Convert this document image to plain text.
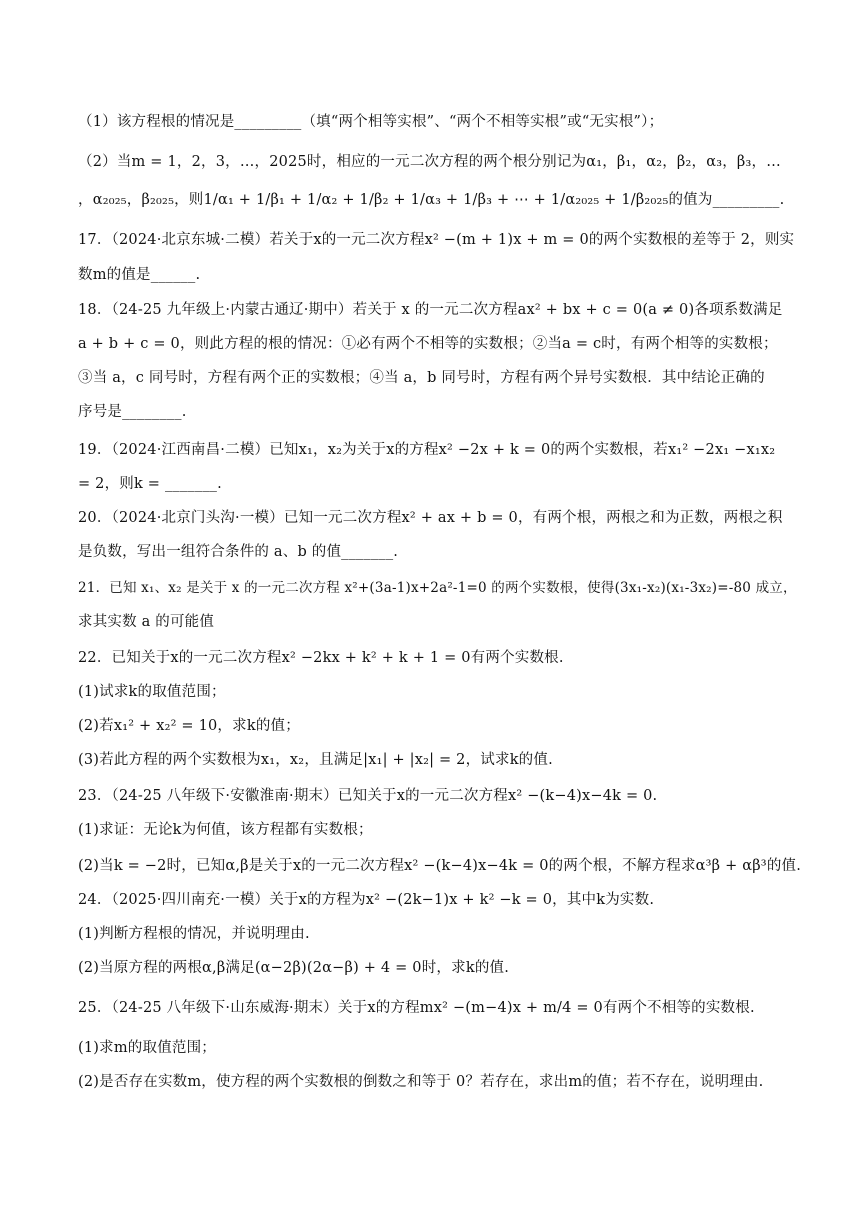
（1）该方程根的情况是_________（填“两个相等实根”、“两个不相等实根”或“无实根”）；
（2）当m = 1，2，3，…，2025时，相应的一元二次方程的两个根分别记为α₁，β₁，α₂，β₂，α₃，β₃，…
，α₂₀₂₅，β₂₀₂₅，则1/α₁ + 1/β₁ + 1/α₂ + 1/β₂ + 1/α₃ + 1/β₃ + ⋯ + 1/α₂₀₂₅ + 1/β₂₀₂₅的值为_________.
17．（2024·北京东城·二模）若关于x的一元二次方程x² −(m + 1)x + m = 0的两个实数根的差等于 2，则实
数m的值是______.
18．（24-25 九年级上·内蒙古通辽·期中）若关于 x 的一元二次方程ax² + bx + c = 0(a ≠ 0)各项系数满足
a + b + c = 0，则此方程的根的情况：①必有两个不相等的实数根；②当a = c时，有两个相等的实数根；
③当 a，c 同号时，方程有两个正的实数根；④当 a，b 同号时，方程有两个异号实数根．其中结论正确的
序号是________.
19．（2024·江西南昌·二模）已知x₁，x₂为关于x的方程x² −2x + k = 0的两个实数根，若x₁² −2x₁ −x₁x₂
= 2，则k = _______.
20．（2024·北京门头沟·一模）已知一元二次方程x² + ax + b = 0，有两个根，两根之和为正数，两根之积
是负数，写出一组符合条件的 a、b 的值_______.
21．已知 x₁、x₂ 是关于 x 的一元二次方程 x²+(3a-1)x+2a²-1=0 的两个实数根，使得(3x₁-x₂)(x₁-3x₂)=-80 成立，
求其实数 a 的可能值
22．已知关于x的一元二次方程x² −2kx + k² + k + 1 = 0有两个实数根.
(1)试求k的取值范围；
(2)若x₁² + x₂² = 10，求k的值；
(3)若此方程的两个实数根为x₁，x₂，且满足|x₁| + |x₂| = 2，试求k的值.
23．（24-25 八年级下·安徽淮南·期末）已知关于x的一元二次方程x² −(k−4)x−4k = 0.
(1)求证：无论k为何值，该方程都有实数根；
(2)当k = −2时，已知α,β是关于x的一元二次方程x² −(k−4)x−4k = 0的两个根，不解方程求α³β + αβ³的值.
24．（2025·四川南充·一模）关于x的方程为x² −(2k−1)x + k² −k = 0，其中k为实数.
(1)判断方程根的情况，并说明理由.
(2)当原方程的两根α,β满足(α−2β)(2α−β) + 4 = 0时，求k的值.
25．（24-25 八年级下·山东威海·期末）关于x的方程mx² −(m−4)x + m/4 = 0有两个不相等的实数根.
(1)求m的取值范围；
(2)是否存在实数m，使方程的两个实数根的倒数之和等于 0？若存在，求出m的值；若不存在，说明理由.
